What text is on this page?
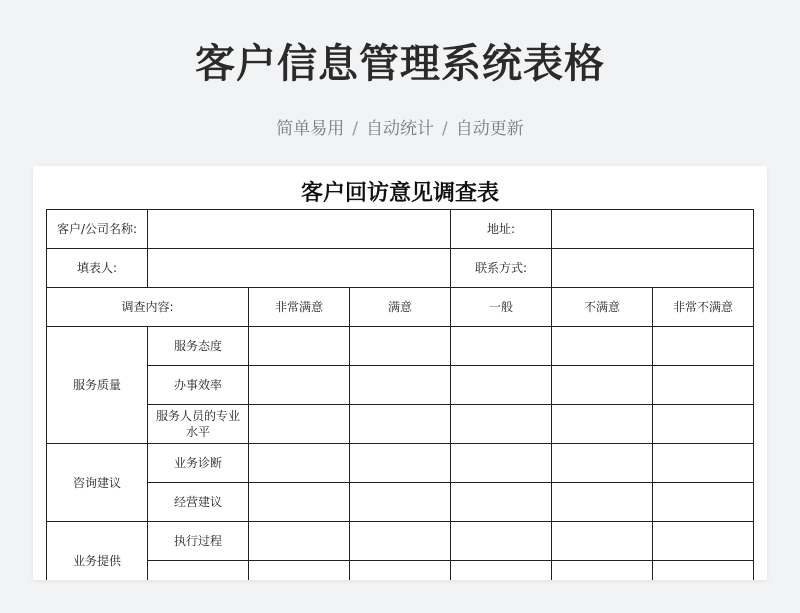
客户信息管理系统表格
简单易用 / 自动统计 / 自动更新
客户回访意见调查表
客户/公司名称:				地址:		
填表人:				联系方式:		
调查内容:		非常满意	满意	一般	不满意	非常不满意
服务质量	服务态度					
	办事效率					
	服务人员的专业水平					
咨询建议	业务诊断					
	经营建议					
业务提供	执行过程					
